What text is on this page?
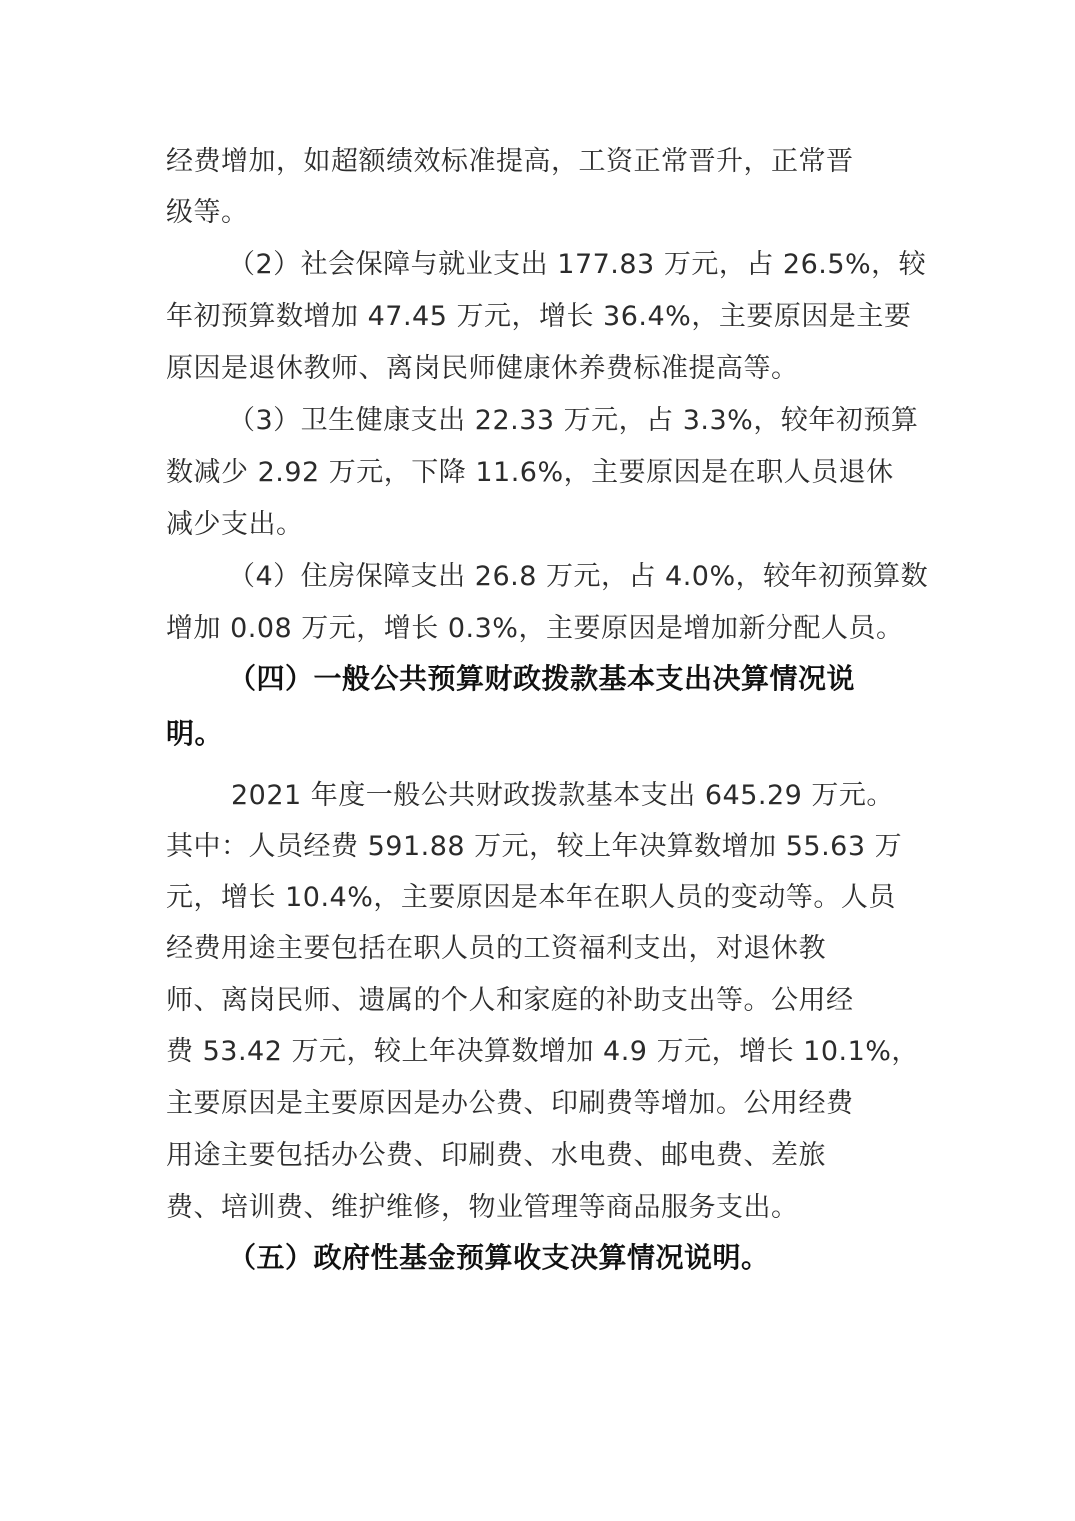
经费增加，如超额绩效标准提高，工资正常晋升，正常晋
级等。
（2）社会保障与就业支出 177.83 万元，占 26.5%，较
年初预算数增加 47.45 万元，增长 36.4%，主要原因是主要
原因是退休教师、离岗民师健康休养费标准提高等。
（3）卫生健康支出 22.33 万元，占 3.3%，较年初预算
数减少 2.92 万元，下降 11.6%，主要原因是在职人员退休
减少支出。
（4）住房保障支出 26.8 万元，占 4.0%，较年初预算数
增加 0.08 万元，增长 0.3%，主要原因是增加新分配人员。
（四）一般公共预算财政拨款基本支出决算情况说
明。
2021 年度一般公共财政拨款基本支出 645.29 万元。
其中：人员经费 591.88 万元，较上年决算数增加 55.63 万
元，增长 10.4%，主要原因是本年在职人员的变动等。人员
经费用途主要包括在职人员的工资福利支出，对退休教
师、离岗民师、遗属的个人和家庭的补助支出等。公用经
费 53.42 万元，较上年决算数增加 4.9 万元，增长 10.1%，
主要原因是主要原因是办公费、印刷费等增加。公用经费
用途主要包括办公费、印刷费、水电费、邮电费、差旅
费、培训费、维护维修，物业管理等商品服务支出。
（五）政府性基金预算收支决算情况说明。
